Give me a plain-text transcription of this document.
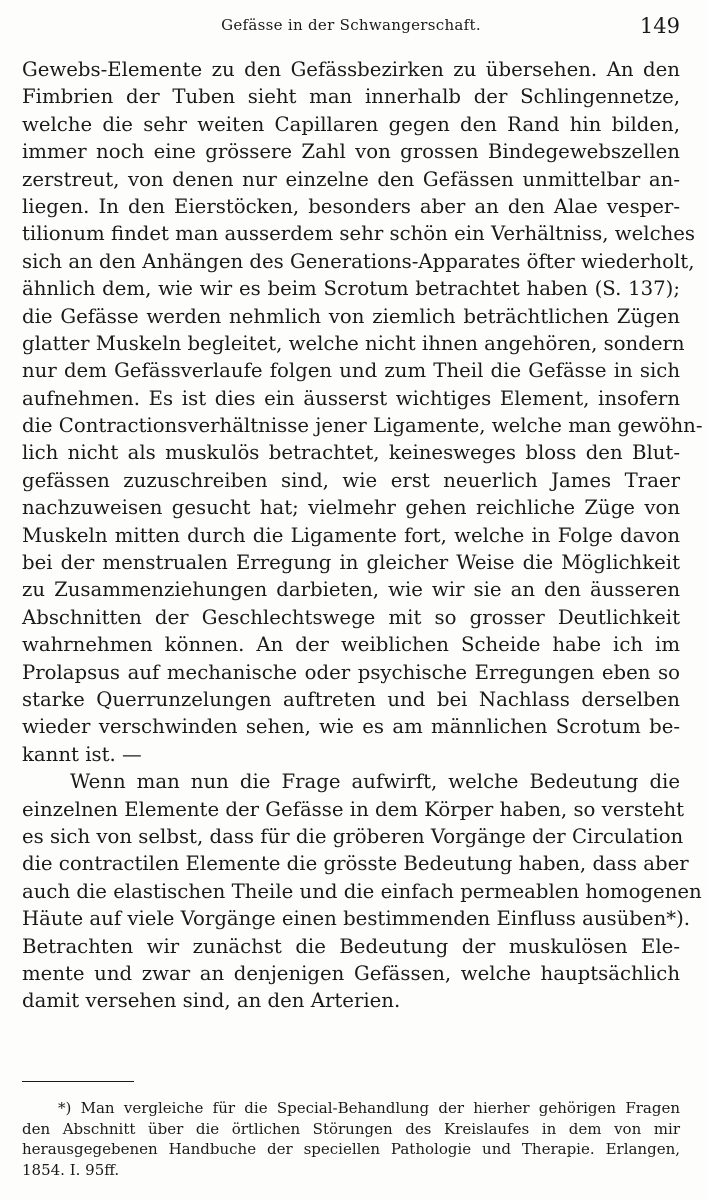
Gefässe in der Schwangerschaft.	149
Gewebs-Elemente zu den Gefässbezirken zu übersehen. An den
Fimbrien der Tuben sieht man innerhalb der Schlingennetze,
welche die sehr weiten Capillaren gegen den Rand hin bilden,
immer noch eine grössere Zahl von grossen Bindegewebszellen
zerstreut, von denen nur einzelne den Gefässen unmittelbar an-
liegen. In den Eierstöcken, besonders aber an den Alae vesper-
tilionum findet man ausserdem sehr schön ein Verhältniss, welches
sich an den Anhängen des Generations-Apparates öfter wiederholt,
ähnlich dem, wie wir es beim Scrotum betrachtet haben (S. 137);
die Gefässe werden nehmlich von ziemlich beträchtlichen Zügen
glatter Muskeln begleitet, welche nicht ihnen angehören, sondern
nur dem Gefässverlaufe folgen und zum Theil die Gefässe in sich
aufnehmen. Es ist dies ein äusserst wichtiges Element, insofern
die Contractionsverhältnisse jener Ligamente, welche man gewöhn-
lich nicht als muskulös betrachtet, keinesweges bloss den Blut-
gefässen zuzuschreiben sind, wie erst neuerlich James Traer
nachzuweisen gesucht hat; vielmehr gehen reichliche Züge von
Muskeln mitten durch die Ligamente fort, welche in Folge davon
bei der menstrualen Erregung in gleicher Weise die Möglichkeit
zu Zusammenziehungen darbieten, wie wir sie an den äusseren
Abschnitten der Geschlechtswege mit so grosser Deutlichkeit
wahrnehmen können. An der weiblichen Scheide habe ich im
Prolapsus auf mechanische oder psychische Erregungen eben so
starke Querrunzelungen auftreten und bei Nachlass derselben
wieder verschwinden sehen, wie es am männlichen Scrotum be-
kannt ist. —
Wenn man nun die Frage aufwirft, welche Bedeutung die
einzelnen Elemente der Gefässe in dem Körper haben, so versteht
es sich von selbst, dass für die gröberen Vorgänge der Circulation
die contractilen Elemente die grösste Bedeutung haben, dass aber
auch die elastischen Theile und die einfach permeablen homogenen
Häute auf viele Vorgänge einen bestimmenden Einfluss ausüben*).
Betrachten wir zunächst die Bedeutung der muskulösen Ele-
mente und zwar an denjenigen Gefässen, welche hauptsächlich
damit versehen sind, an den Arterien.
*) Man vergleiche für die Special-Behandlung der hierher gehörigen Fragen
den Abschnitt über die örtlichen Störungen des Kreislaufes in dem von mir
herausgegebenen Handbuche der speciellen Pathologie und Therapie. Erlangen,
1854. I. 95ff.
